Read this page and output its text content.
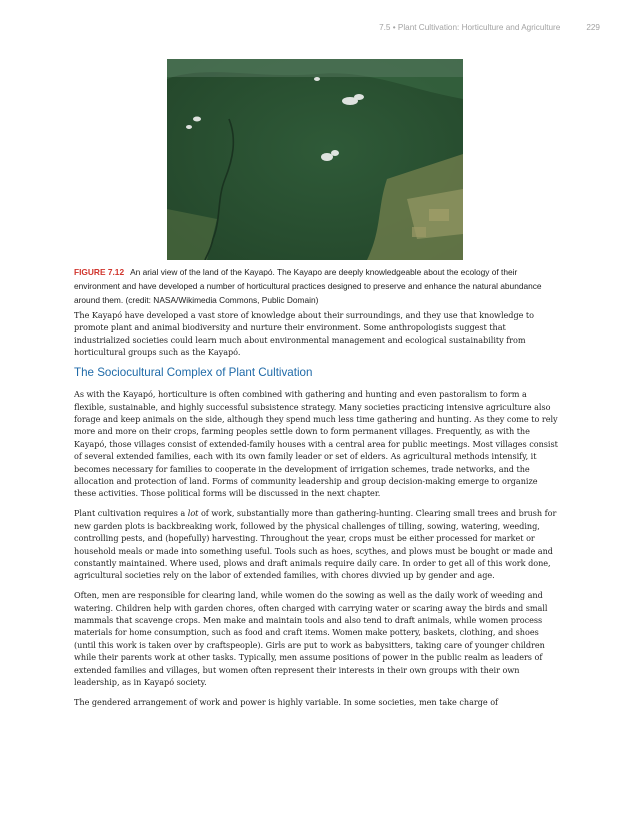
7.5 • Plant Cultivation: Horticulture and Agriculture	229

FIGURE 7.12 An arial view of the land of the Kayapó. The Kayapo are deeply knowledgeable about the ecology of their environment and have developed a number of horticultural practices designed to preserve and enhance the natural abundance around them. (credit: NASA/Wikimedia Commons, Public Domain)

The Kayapó have developed a vast store of knowledge about their surroundings, and they use that knowledge to promote plant and animal biodiversity and nurture their environment. Some anthropologists suggest that industrialized societies could learn much about environmental management and ecological sustainability from horticultural groups such as the Kayapó.

The Sociocultural Complex of Plant Cultivation

As with the Kayapó, horticulture is often combined with gathering and hunting and even pastoralism to form a flexible, sustainable, and highly successful subsistence strategy. Many societies practicing intensive agriculture also forage and keep animals on the side, although they spend much less time gathering and hunting. As they come to rely more and more on their crops, farming peoples settle down to form permanent villages. Frequently, as with the Kayapó, those villages consist of extended-family houses with a central area for public meetings. Most villages consist of several extended families, each with its own family leader or set of elders. As agricultural methods intensify, it becomes necessary for families to cooperate in the development of irrigation schemes, trade networks, and the allocation and protection of land. Forms of community leadership and group decision-making emerge to organize these activities. Those political forms will be discussed in the next chapter.

Plant cultivation requires a lot of work, substantially more than gathering-hunting. Clearing small trees and brush for new garden plots is backbreaking work, followed by the physical challenges of tilling, sowing, watering, weeding, controlling pests, and (hopefully) harvesting. Throughout the year, crops must be either processed for market or household meals or made into something useful. Tools such as hoes, scythes, and plows must be bought or made and constantly maintained. Where used, plows and draft animals require daily care. In order to get all of this work done, agricultural societies rely on the labor of extended families, with chores divvied up by gender and age.

Often, men are responsible for clearing land, while women do the sowing as well as the daily work of weeding and watering. Children help with garden chores, often charged with carrying water or scaring away the birds and small mammals that scavenge crops. Men make and maintain tools and also tend to draft animals, while women process materials for home consumption, such as food and craft items. Women make pottery, baskets, clothing, and shoes (until this work is taken over by craftspeople). Girls are put to work as babysitters, taking care of younger children while their parents work at other tasks. Typically, men assume positions of power in the public realm as leaders of extended families and villages, but women often represent their interests in their own groups with their own leadership, as in Kayapó society.

The gendered arrangement of work and power is highly variable. In some societies, men take charge of
